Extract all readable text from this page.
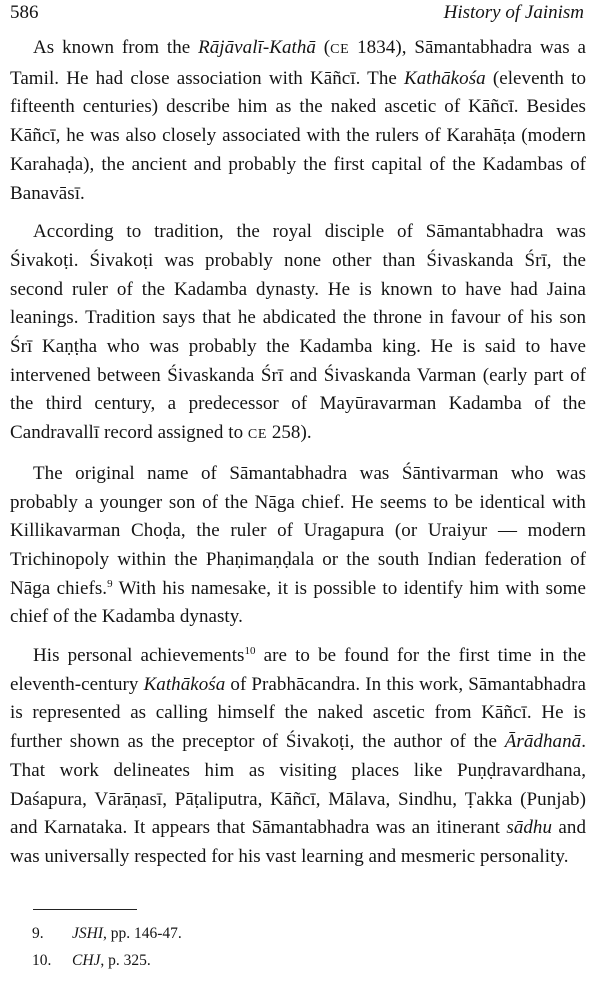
586	History of Jainism

As known from the Rājāvalī-Kathā (CE 1834), Sāmantabhadra was a Tamil. He had close association with Kāñcī. The Kathākośa (eleventh to fifteenth centuries) describe him as the naked ascetic of Kāñcī. Besides Kāñcī, he was also closely associated with the rulers of Karahāṭa (modern Karahaḍa), the ancient and probably the first capital of the Kadambas of Banavāsī.

According to tradition, the royal disciple of Sāmantabhadra was Śivakoṭi. Śivakoṭi was probably none other than Śivaskanda Śrī, the second ruler of the Kadamba dynasty. He is known to have had Jaina leanings. Tradition says that he abdicated the throne in favour of his son Śrī Kaṇṭha who was probably the Kadamba king. He is said to have intervened between Śivaskanda Śrī and Śivaskanda Varman (early part of the third century, a predecessor of Mayūravarman Kadamba of the Candravallī record assigned to CE 258).

The original name of Sāmantabhadra was Śāntivarman who was probably a younger son of the Nāga chief. He seems to be identical with Killikavarman Choḍa, the ruler of Uragapura (or Uraiyur — modern Trichinopoly within the Phaṇimaṇḍala or the south Indian federation of Nāga chiefs.$^9$ With his namesake, it is possible to identify him with some chief of the Kadamba dynasty.

His personal achievements$^{10}$ are to be found for the first time in the eleventh-century Kathākośa of Prabhācandra. In this work, Sāmantabhadra is represented as calling himself the naked ascetic from Kāñcī. He is further shown as the preceptor of Śivakoṭi, the author of the Ārādhanā. That work delineates him as visiting places like Puṇḍravardhana, Daśapura, Vārāṇasī, Pāṭaliputra, Kāñcī, Mālava, Sindhu, Ṭakka (Punjab) and Karnataka. It appears that Sāmantabhadra was an itinerant sādhu and was universally respected for his vast learning and mesmeric personality.

9.	JSHI, pp. 146-47.
10.	CHJ, p. 325.
